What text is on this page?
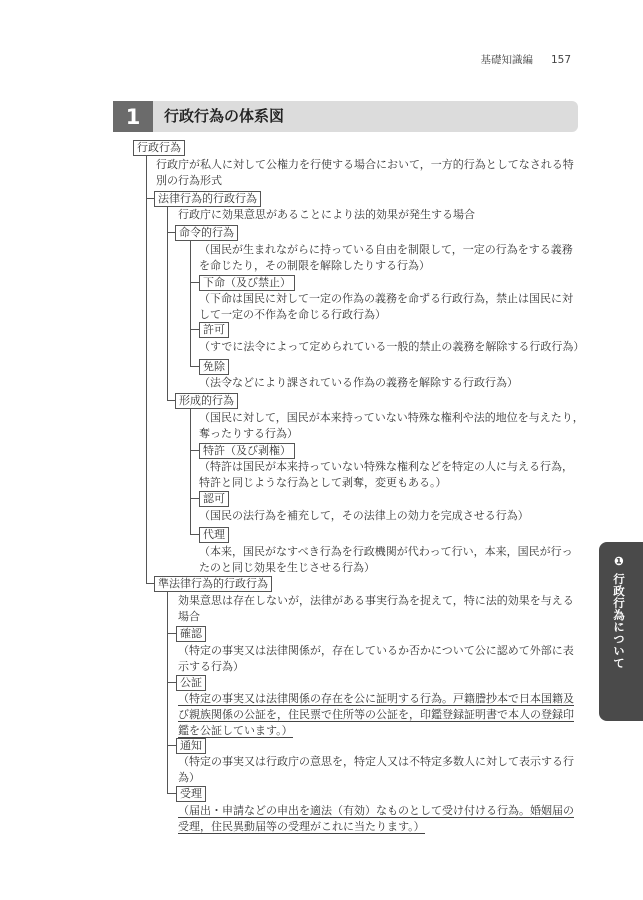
基礎知識編 157
1	行政行為の体系図
❶ 行政行為について
行政行為
行政庁が私人に対して公権力を行使する場合において，一方的行為としてなされる特
別の行為形式
法律行為的行政行為
行政庁に効果意思があることにより法的効果が発生する場合
命令的行為
（国民が生まれながらに持っている自由を制限して，一定の行為をする義務
を命じたり，その制限を解除したりする行為）
下命（及び禁止）
（下命は国民に対して一定の作為の義務を命ずる行政行為，禁止は国民に対
して一定の不作為を命じる行政行為）
許可
（すでに法令によって定められている一般的禁止の義務を解除する行政行為）
免除
（法令などにより課されている作為の義務を解除する行政行為）
形成的行為
（国民に対して，国民が本来持っていない特殊な権利や法的地位を与えたり，
奪ったりする行為）
特許（及び剥権）
（特許は国民が本来持っていない特殊な権利などを特定の人に与える行為，
特許と同じような行為として剥奪，変更もある。）
認可
（国民の法行為を補充して，その法律上の効力を完成させる行為）
代理
（本来，国民がなすべき行為を行政機関が代わって行い，本来，国民が行っ
たのと同じ効果を生じさせる行為）
準法律行為的行政行為
効果意思は存在しないが，法律がある事実行為を捉えて，特に法的効果を与える
場合
確認
（特定の事実又は法律関係が，存在しているか否かについて公に認めて外部に表
示する行為）
公証
（特定の事実又は法律関係の存在を公に証明する行為。戸籍謄抄本で日本国籍及
び親族関係の公証を，住民票で住所等の公証を，印鑑登録証明書で本人の登録印
鑑を公証しています。）
通知
（特定の事実又は行政庁の意思を，特定人又は不特定多数人に対して表示する行
為）
受理
（届出・申請などの申出を適法（有効）なものとして受け付ける行為。婚姻届の
受理，住民異動届等の受理がこれに当たります。）
